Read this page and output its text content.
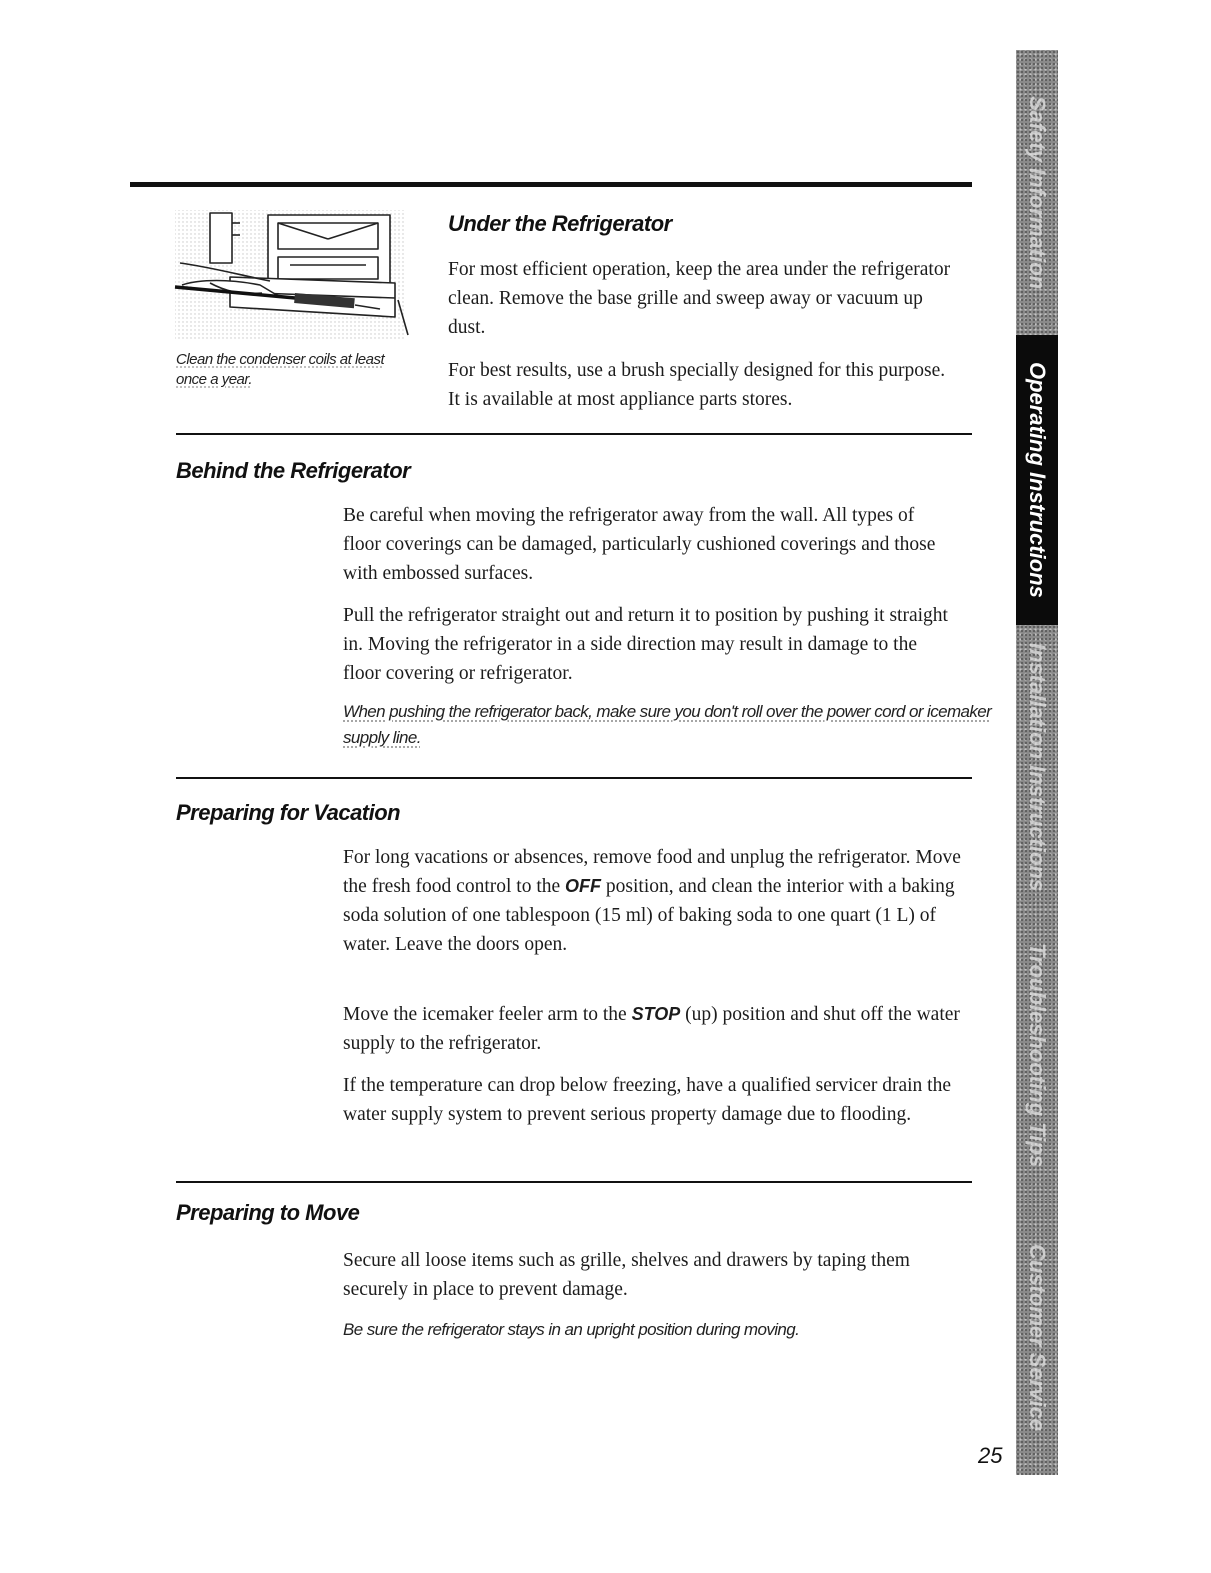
Clean the condenser coils at least once a year.

Under the Refrigerator

For most efficient operation, keep the area under the refrigerator clean. Remove the base grille and sweep away or vacuum up dust.

For best results, use a brush specially designed for this purpose. It is available at most appliance parts stores.

Behind the Refrigerator

Be careful when moving the refrigerator away from the wall. All types of floor coverings can be damaged, particularly cushioned coverings and those with embossed surfaces.

Pull the refrigerator straight out and return it to position by pushing it straight in. Moving the refrigerator in a side direction may result in damage to the floor covering or refrigerator.

When pushing the refrigerator back, make sure you don't roll over the power cord or icemaker supply line.

Preparing for Vacation

For long vacations or absences, remove food and unplug the refrigerator. Move the fresh food control to the OFF position, and clean the interior with a baking soda solution of one tablespoon (15 ml) of baking soda to one quart (1 L) of water. Leave the doors open.

Move the icemaker feeler arm to the STOP (up) position and shut off the water supply to the refrigerator.

If the temperature can drop below freezing, have a qualified servicer drain the water supply system to prevent serious property damage due to flooding.

Preparing to Move

Secure all loose items such as grille, shelves and drawers by taping them securely in place to prevent damage.

Be sure the refrigerator stays in an upright position during moving.

Safety Information
Operating Instructions
Installation Instructions
Troubleshooting Tips
Customer Service

25
